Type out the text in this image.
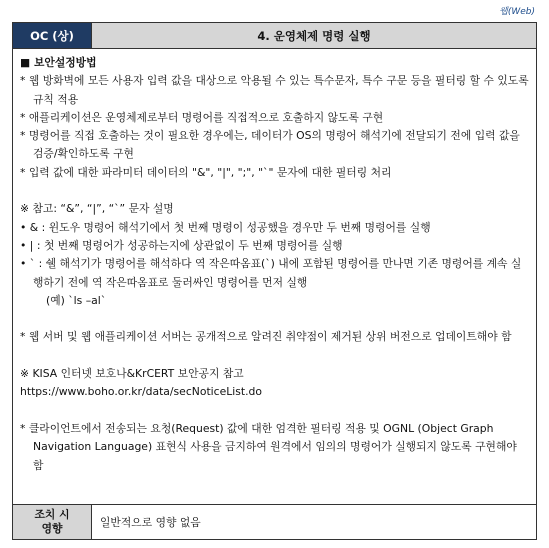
웹(Web)
OC (상)	4. 운영체제 명령 실행
■ 보안설정방법
* 웹 방화벽에 모든 사용자 입력 값을 대상으로 악용될 수 있는 특수문자, 특수 구문 등을 필터링 할 수 있도록 규칙 적용
* 애플리케이션은 운영체제로부터 명령어를 직접적으로 호출하지 않도록 구현
* 명령어를 직접 호출하는 것이 필요한 경우에는, 데이터가 OS의 명령어 해석기에 전달되기 전에 입력 값을 검증/확인하도록 구현
* 입력 값에 대한 파라미터 데이터의 "&", "|", ";", "`" 문자에 대한 필터링 처리
※ 참고: “&”, “|”, “`” 문자 설명
• & : 윈도우 명령어 해석기에서 첫 번째 명령이 성공했을 경우만 두 번째 명령어를 실행
• | : 첫 번째 명령어가 성공하는지에 상관없이 두 번째 명령어를 실행
• ` : 쉘 해석기가 명령어를 해석하다 역 작은따옴표(`) 내에 포함된 명령어를 만나면 기존 명령어를 계속 실행하기 전에 역 작은따옴표로 둘러싸인 명령어를 먼저 실행
(예) `ls –al`
* 웹 서버 및 웹 애플리케이션 서버는 공개적으로 알려진 취약점이 제거된 상위 버전으로 업데이트해야 함
※ KISA 인터넷 보호나&KrCERT 보안공지 참고
https://www.boho.or.kr/data/secNoticeList.do
* 클라이언트에서 전송되는 요청(Request) 값에 대한 엄격한 필터링 적용 및 OGNL (Object Graph Navigation Language) 표현식 사용을 금지하여 원격에서 임의의 명령어가 실행되지 않도록 구현해야 함
조치 시
영향	일반적으로 영향 없음
